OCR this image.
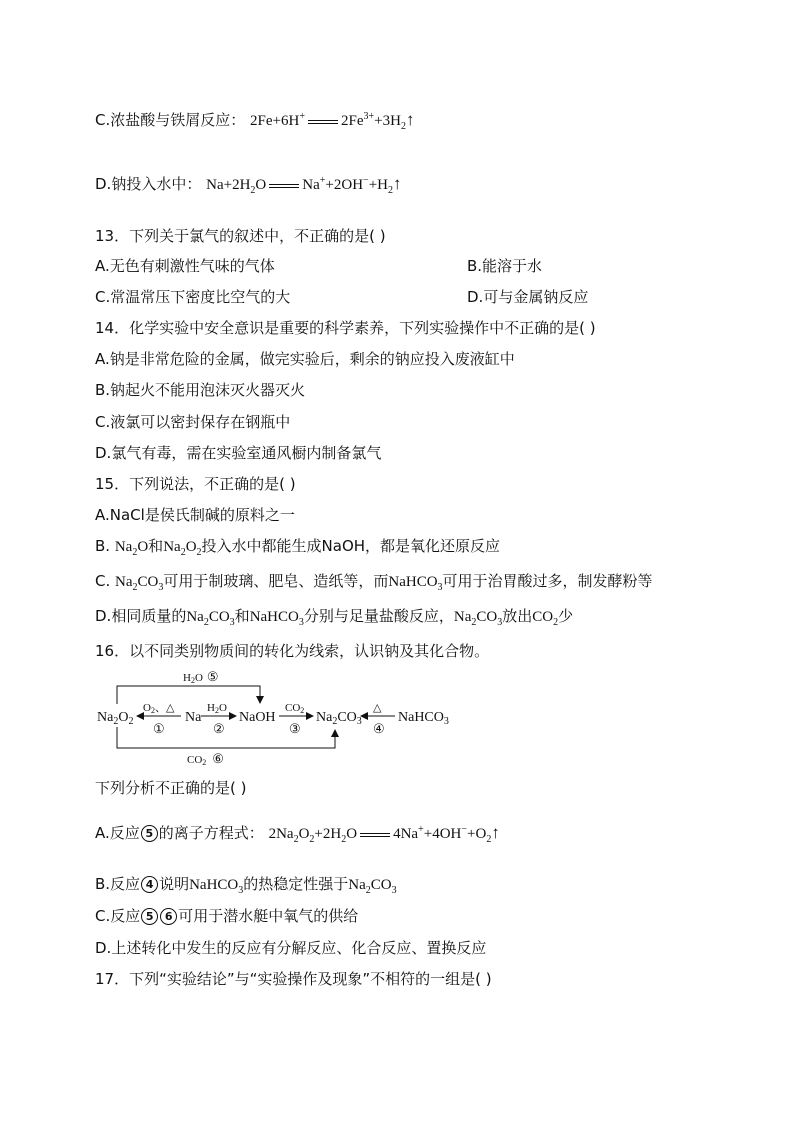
C.浓盐酸与铁屑反应： 2Fe+6H+ $2Fe^{3+}+3H_2↑$
D.钠投入水中： $Na+2H_2O$ $Na^++2OH^-+H_2↑$
13．下列关于氯气的叙述中，不正确的是( )
A.无色有刺激性气味的气体	B.能溶于水
C.常温常压下密度比空气的大	D.可与金属钠反应
14．化学实验中安全意识是重要的科学素养，下列实验操作中不正确的是( )
A.钠是非常危险的金属，做完实验后，剩余的钠应投入废液缸中
B.钠起火不能用泡沫灭火器灭火
C.液氯可以密封保存在钢瓶中
D.氯气有毒，需在实验室通风橱内制备氯气
15．下列说法，不正确的是( )
A.NaCl是侯氏制碱的原料之一
B. $Na_2O$和$Na_2O_2$投入水中都能生成NaOH，都是氧化还原反应
C. $Na_2CO_3$可用于制玻璃、肥皂、造纸等，而NaHCO$_3$可用于治胃酸过多，制发酵粉等
D.相同质量的$Na_2CO_3$和NaHCO$_3$分别与足量盐酸反应，$Na_2CO_3$放出$CO_2$少
16．以不同类别物质间的转化为线索，认识钠及其化合物。
$Na_2O_2$	Na	NaOH	$Na_2CO_3$	NaHCO$_3$
O2、△	H2O	CO2	△
H2O ⑤
CO2 ⑥
①	②	③	④
下列分析不正确的是( )
A.反应 5 的离子方程式： $2Na_2O_2+2H_2O$ $4Na^++4OH^-+O_2↑$
B.反应 4 说明NaHCO$_3$的热稳定性强于$Na_2CO_3$
C.反应 5 6 可用于潜水艇中氧气的供给
D.上述转化中发生的反应有分解反应、化合反应、置换反应
17．下列“实验结论”与“实验操作及现象”不相符的一组是( )
